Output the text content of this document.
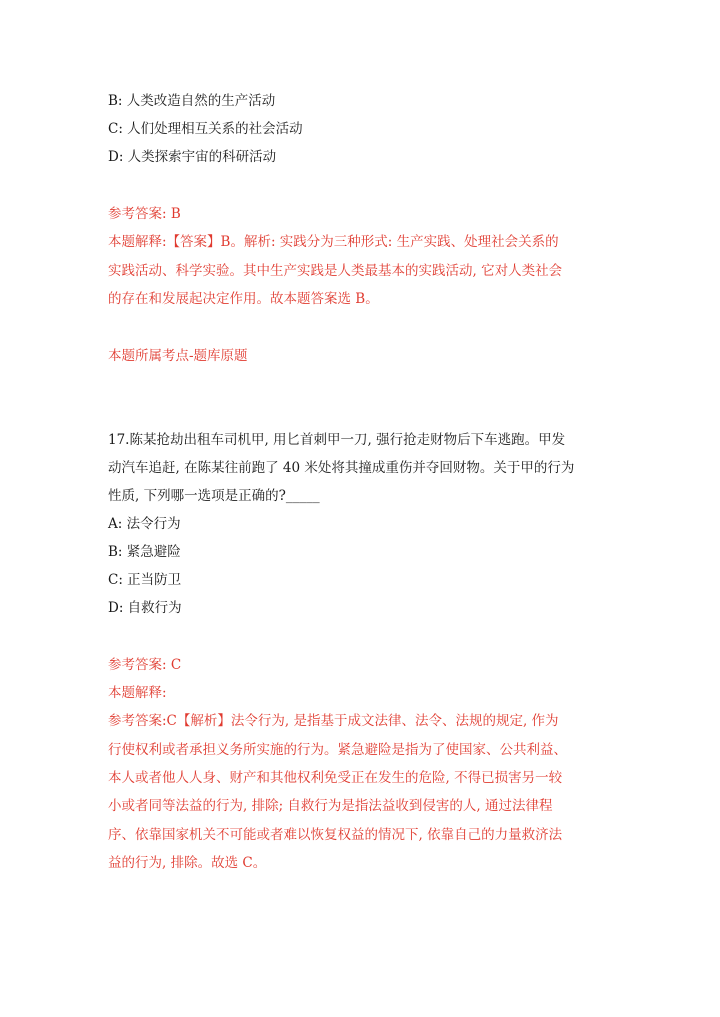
B: 人类改造自然的生产活动
C: 人们处理相互关系的社会活动
D: 人类探索宇宙的科研活动
参考答案: B
本题解释:【答案】B。解析: 实践分为三种形式: 生产实践、处理社会关系的
实践活动、科学实验。其中生产实践是人类最基本的实践活动, 它对人类社会
的存在和发展起决定作用。故本题答案选 B。
本题所属考点-题库原题
17.陈某抢劫出租车司机甲, 用匕首刺甲一刀, 强行抢走财物后下车逃跑。甲发
动汽车追赶, 在陈某往前跑了 40 米处将其撞成重伤并夺回财物。关于甲的行为
性质, 下列哪一选项是正确的?_____
A: 法令行为
B: 紧急避险
C: 正当防卫
D: 自救行为
参考答案: C
本题解释:
参考答案:C【解析】法令行为, 是指基于成文法律、法令、法规的规定, 作为
行使权利或者承担义务所实施的行为。紧急避险是指为了使国家、公共利益、
本人或者他人人身、财产和其他权利免受正在发生的危险, 不得已损害另一较
小或者同等法益的行为, 排除; 自救行为是指法益收到侵害的人, 通过法律程
序、依靠国家机关不可能或者难以恢复权益的情况下, 依靠自己的力量救济法
益的行为, 排除。故选 C。
